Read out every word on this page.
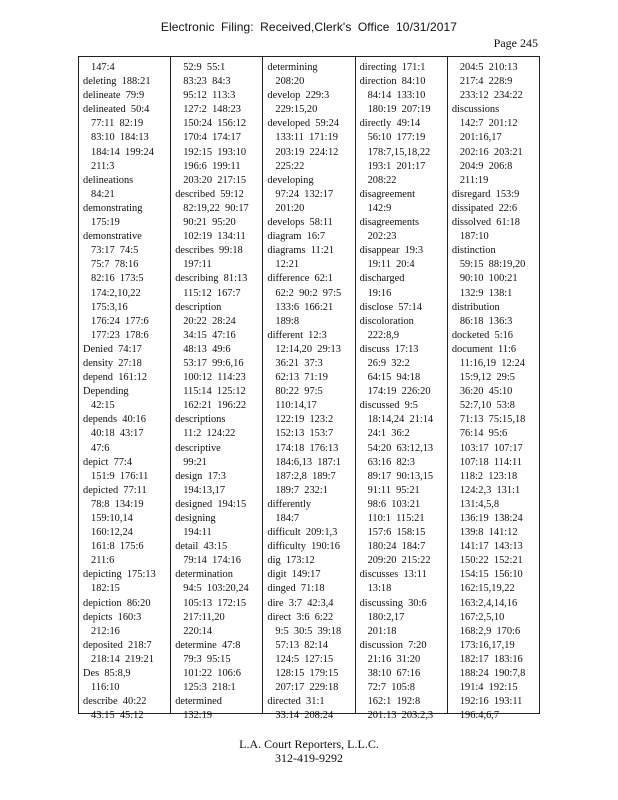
Electronic Filing: Received,Clerk's Office 10/31/2017
Page 245
147:4
deleting  188:21
delineate  79:9
delineated  50:4
77:11  82:19
83:10  184:13
184:14  199:24
211:3
delineations
84:21
demonstrating
175:19
demonstrative
73:17  74:5
75:7  78:16
82:16  173:5
174:2,10,22
175:3,16
176:24  177:6
177:23  178:6
Denied  74:17
density  27:18
depend  161:12
Depending
42:15
depends  40:16
40:18  43:17
47:6
depict  77:4
151:9  176:11
depicted  77:11
78:8  134:19
159:10,14
160:12,24
161:8  175:6
211:6
depicting  175:13
182:15
depiction  86:20
depicts  160:3
212:16
deposited  218:7
218:14  219:21
Des  85:8,9
116:10
describe  40:22
43:15  45:12
52:9  55:1
83:23  84:3
95:12  113:3
127:2  148:23
150:24  156:12
170:4  174:17
192:15  193:10
196:6  199:11
203:20  217:15
described  59:12
82:19,22  90:17
90:21  95:20
102:19  134:11
describes  99:18
197:11
describing  81:13
115:12  167:7
description
20:22  28:24
34:15  47:16
48:13  49:6
53:17  99:6,16
100:12  114:23
115:14  125:12
162:21  196:22
descriptions
11:2  124:22
descriptive
99:21
design  17:3
194:13,17
designed  194:15
designing
194:11
detail  43:15
79:14  174:16
determination
94:5  103:20,24
105:13  172:15
217:11,20
220:14
determine  47:8
79:3  95:15
101:22  106:6
125:3  218:1
determined
132:19
determining
208:20
develop  229:3
229:15,20
developed  59:24
133:11  171:19
203:19  224:12
225:22
developing
97:24  132:17
201:20
develops  58:11
diagram  16:7
diagrams  11:21
12:21
difference  62:1
62:2  90:2  97:5
133:6  166:21
189:8
different  12:3
12:14,20  29:13
36:21  37:3
62:13  71:19
80:22  97:5
110:14,17
122:19  123:2
152:13  153:7
174:18  176:13
184:6,13  187:1
187:2,8  189:7
189:7  232:1
differently
184:7
difficult  209:1,3
difficulty  190:16
dig  173:12
digit  149:17
dinged  71:18
dire  3:7  42:3,4
direct  3:6  6:22
9:5  30:5  39:18
57:13  82:14
124:5  127:15
128:15  179:15
207:17  229:18
directed  31:1
33:14  208:24
directing  171:1
direction  84:10
84:14  133:10
180:19  207:19
directly  49:14
56:10  177:19
178:7,15,18,22
193:1  201:17
208:22
disagreement
142:9
disagreements
202:23
disappear  19:3
19:11  20:4
discharged
19:16
disclose  57:14
discoloration
222:8,9
discuss  17:13
26:9  32:2
64:15  94:18
174:19  226:20
discussed  9:5
18:14,24  21:14
24:1  36:2
54:20  63:12,13
63:16  82:3
89:17  90:13,15
91:11  95:21
98:6  103:21
110:1  115:21
157:6  158:15
180:24  184:7
209:20  215:22
discusses  13:11
13:18
discussing  30:6
180:2,17
201:18
discussion  7:20
21:16  31:20
38:10  67:16
72:7  105:8
162:1  192:8
201:13  203:2,3
204:5  210:13
217:4  228:9
233:12  234:22
discussions
142:7  201:12
201:16,17
202:16  203:21
204:9  206:8
211:19
disregard  153:9
dissipated  22:6
dissolved  61:18
187:10
distinction
59:15  88:19,20
90:10  100:21
132:9  138:1
distribution
86:18  136:3
docketed  5:16
document  11:6
11:16,19  12:24
15:9,12  29:5
36:20  45:10
52:7,10  53:8
71:13  75:15,18
76:14  95:6
103:17  107:17
107:18  114:11
118:2  123:18
124:2,3  131:1
131:4,5,8
136:19  138:24
139:8  141:12
141:17  143:13
150:22  152:21
154:15  156:10
162:15,19,22
163:2,4,14,16
167:2,5,10
168:2,9  170:6
173:16,17,19
182:17  183:16
188:24  190:7,8
191:4  192:15
192:16  193:11
196:4,6,7
L.A. Court Reporters, L.L.C.
312-419-9292
